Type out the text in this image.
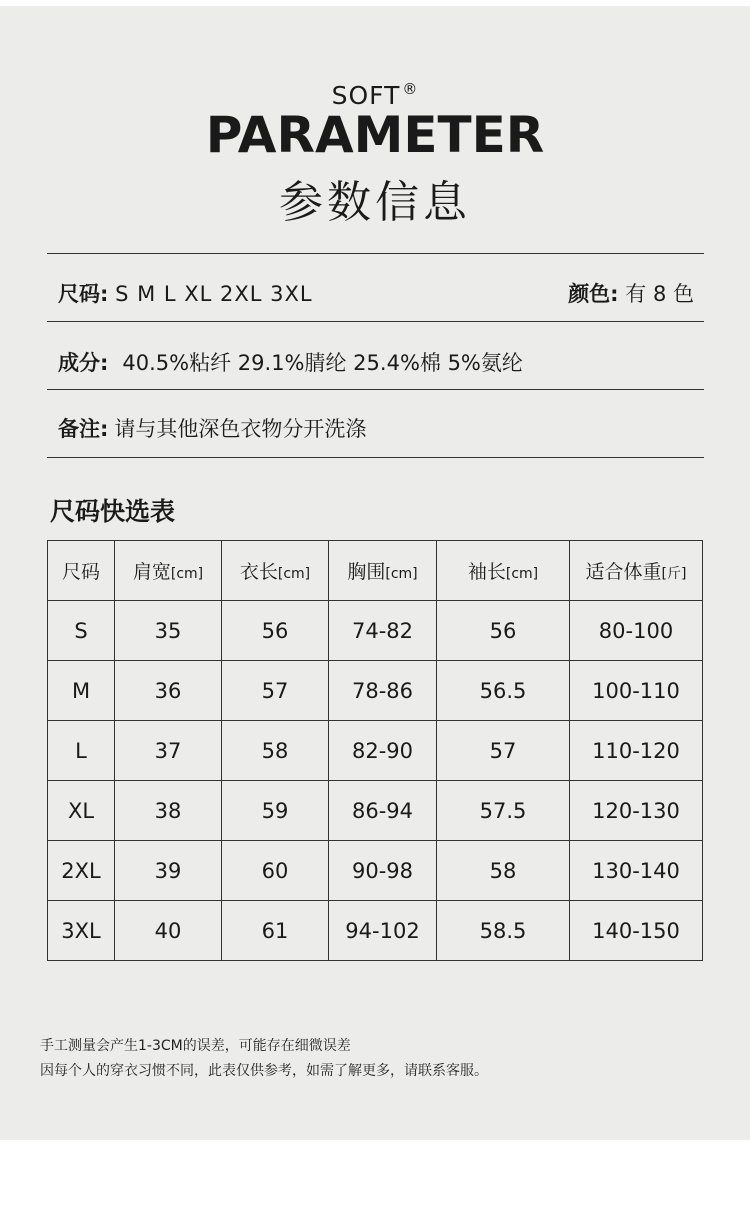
SOFT ®
PARAMETER
参数信息
尺码: S M L XL 2XL 3XL	颜色: 有 8 色
成分: 40.5%粘纤 29.1%腈纶 25.4%棉 5%氨纶
备注: 请与其他深色衣物分开洗涤
尺码快选表
尺码	肩宽[cm]	衣长[cm]	胸围[cm]	袖长[cm]	适合体重[斤]
S	35	56	74-82	56	80-100
M	36	57	78-86	56.5	100-110
L	37	58	82-90	57	110-120
XL	38	59	86-94	57.5	120-130
2XL	39	60	90-98	58	130-140
3XL	40	61	94-102	58.5	140-150
手工测量会产生1-3CM的误差，可能存在细微误差
因每个人的穿衣习惯不同，此表仅供参考，如需了解更多，请联系客服。
